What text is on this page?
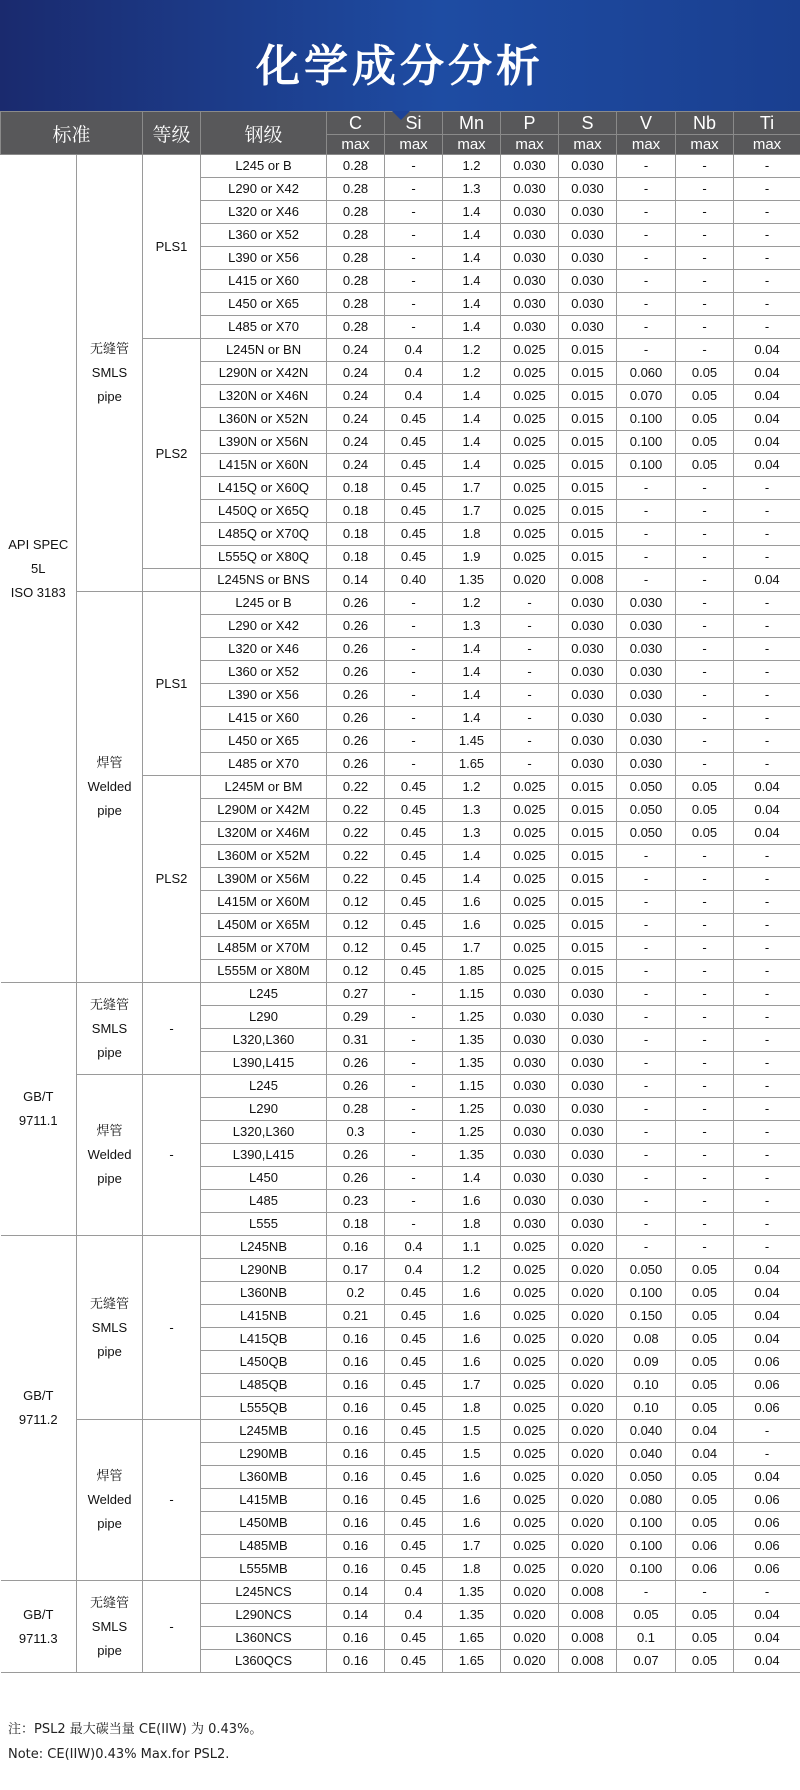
化学成分分析
标准		等级	钢级	C	Si	Mn	P	S	V	Nb	Ti
				max	max	max	max	max	max	max	max
API SPEC
5L
ISO 3183	无缝管
SMLS
pipe	PLS1	L245 or B	0.28	-	1.2	0.030	0.030	-	-	-
			L290 or X42	0.28	-	1.3	0.030	0.030	-	-	-
			L320 or X46	0.28	-	1.4	0.030	0.030	-	-	-
			L360 or X52	0.28	-	1.4	0.030	0.030	-	-	-
			L390 or X56	0.28	-	1.4	0.030	0.030	-	-	-
			L415 or X60	0.28	-	1.4	0.030	0.030	-	-	-
			L450 or X65	0.28	-	1.4	0.030	0.030	-	-	-
			L485 or X70	0.28	-	1.4	0.030	0.030	-	-	-
		PLS2	L245N or BN	0.24	0.4	1.2	0.025	0.015	-	-	0.04
			L290N or X42N	0.24	0.4	1.2	0.025	0.015	0.060	0.05	0.04
			L320N or X46N	0.24	0.4	1.4	0.025	0.015	0.070	0.05	0.04
			L360N or X52N	0.24	0.45	1.4	0.025	0.015	0.100	0.05	0.04
			L390N or X56N	0.24	0.45	1.4	0.025	0.015	0.100	0.05	0.04
			L415N or X60N	0.24	0.45	1.4	0.025	0.015	0.100	0.05	0.04
			L415Q or X60Q	0.18	0.45	1.7	0.025	0.015	-	-	-
			L450Q or X65Q	0.18	0.45	1.7	0.025	0.015	-	-	-
			L485Q or X70Q	0.18	0.45	1.8	0.025	0.015	-	-	-
			L555Q or X80Q	0.18	0.45	1.9	0.025	0.015	-	-	-
			L245NS or BNS	0.14	0.40	1.35	0.020	0.008	-	-	0.04
	焊管
Welded
pipe	PLS1	L245 or B	0.26	-	1.2	-	0.030	0.030	-	-
			L290 or X42	0.26	-	1.3	-	0.030	0.030	-	-
			L320 or X46	0.26	-	1.4	-	0.030	0.030	-	-
			L360 or X52	0.26	-	1.4	-	0.030	0.030	-	-
			L390 or X56	0.26	-	1.4	-	0.030	0.030	-	-
			L415 or X60	0.26	-	1.4	-	0.030	0.030	-	-
			L450 or X65	0.26	-	1.45	-	0.030	0.030	-	-
			L485 or X70	0.26	-	1.65	-	0.030	0.030	-	-
		PLS2	L245M or BM	0.22	0.45	1.2	0.025	0.015	0.050	0.05	0.04
			L290M or X42M	0.22	0.45	1.3	0.025	0.015	0.050	0.05	0.04
			L320M or X46M	0.22	0.45	1.3	0.025	0.015	0.050	0.05	0.04
			L360M or X52M	0.22	0.45	1.4	0.025	0.015	-	-	-
			L390M or X56M	0.22	0.45	1.4	0.025	0.015	-	-	-
			L415M or X60M	0.12	0.45	1.6	0.025	0.015	-	-	-
			L450M or X65M	0.12	0.45	1.6	0.025	0.015	-	-	-
			L485M or X70M	0.12	0.45	1.7	0.025	0.015	-	-	-
			L555M or X80M	0.12	0.45	1.85	0.025	0.015	-	-	-
GB/T
9711.1	无缝管
SMLS
pipe	-	L245	0.27	-	1.15	0.030	0.030	-	-	-
			L290	0.29	-	1.25	0.030	0.030	-	-	-
			L320,L360	0.31	-	1.35	0.030	0.030	-	-	-
			L390,L415	0.26	-	1.35	0.030	0.030	-	-	-
	焊管
Welded
pipe	-	L245	0.26	-	1.15	0.030	0.030	-	-	-
			L290	0.28	-	1.25	0.030	0.030	-	-	-
			L320,L360	0.3	-	1.25	0.030	0.030	-	-	-
			L390,L415	0.26	-	1.35	0.030	0.030	-	-	-
			L450	0.26	-	1.4	0.030	0.030	-	-	-
			L485	0.23	-	1.6	0.030	0.030	-	-	-
			L555	0.18	-	1.8	0.030	0.030	-	-	-
GB/T
9711.2	无缝管
SMLS
pipe	-	L245NB	0.16	0.4	1.1	0.025	0.020	-	-	-
			L290NB	0.17	0.4	1.2	0.025	0.020	0.050	0.05	0.04
			L360NB	0.2	0.45	1.6	0.025	0.020	0.100	0.05	0.04
			L415NB	0.21	0.45	1.6	0.025	0.020	0.150	0.05	0.04
			L415QB	0.16	0.45	1.6	0.025	0.020	0.08	0.05	0.04
			L450QB	0.16	0.45	1.6	0.025	0.020	0.09	0.05	0.06
			L485QB	0.16	0.45	1.7	0.025	0.020	0.10	0.05	0.06
			L555QB	0.16	0.45	1.8	0.025	0.020	0.10	0.05	0.06
	焊管
Welded
pipe	-	L245MB	0.16	0.45	1.5	0.025	0.020	0.040	0.04	-
			L290MB	0.16	0.45	1.5	0.025	0.020	0.040	0.04	-
			L360MB	0.16	0.45	1.6	0.025	0.020	0.050	0.05	0.04
			L415MB	0.16	0.45	1.6	0.025	0.020	0.080	0.05	0.06
			L450MB	0.16	0.45	1.6	0.025	0.020	0.100	0.05	0.06
			L485MB	0.16	0.45	1.7	0.025	0.020	0.100	0.06	0.06
			L555MB	0.16	0.45	1.8	0.025	0.020	0.100	0.06	0.06
GB/T
9711.3	无缝管
SMLS
pipe	-	L245NCS	0.14	0.4	1.35	0.020	0.008	-	-	-
			L290NCS	0.14	0.4	1.35	0.020	0.008	0.05	0.05	0.04
			L360NCS	0.16	0.45	1.65	0.020	0.008	0.1	0.05	0.04
			L360QCS	0.16	0.45	1.65	0.020	0.008	0.07	0.05	0.04
注：PSL2 最大碳当量 CE(IIW) 为 0.43%。
Note: CE(IIW)0.43% Max.for PSL2.
